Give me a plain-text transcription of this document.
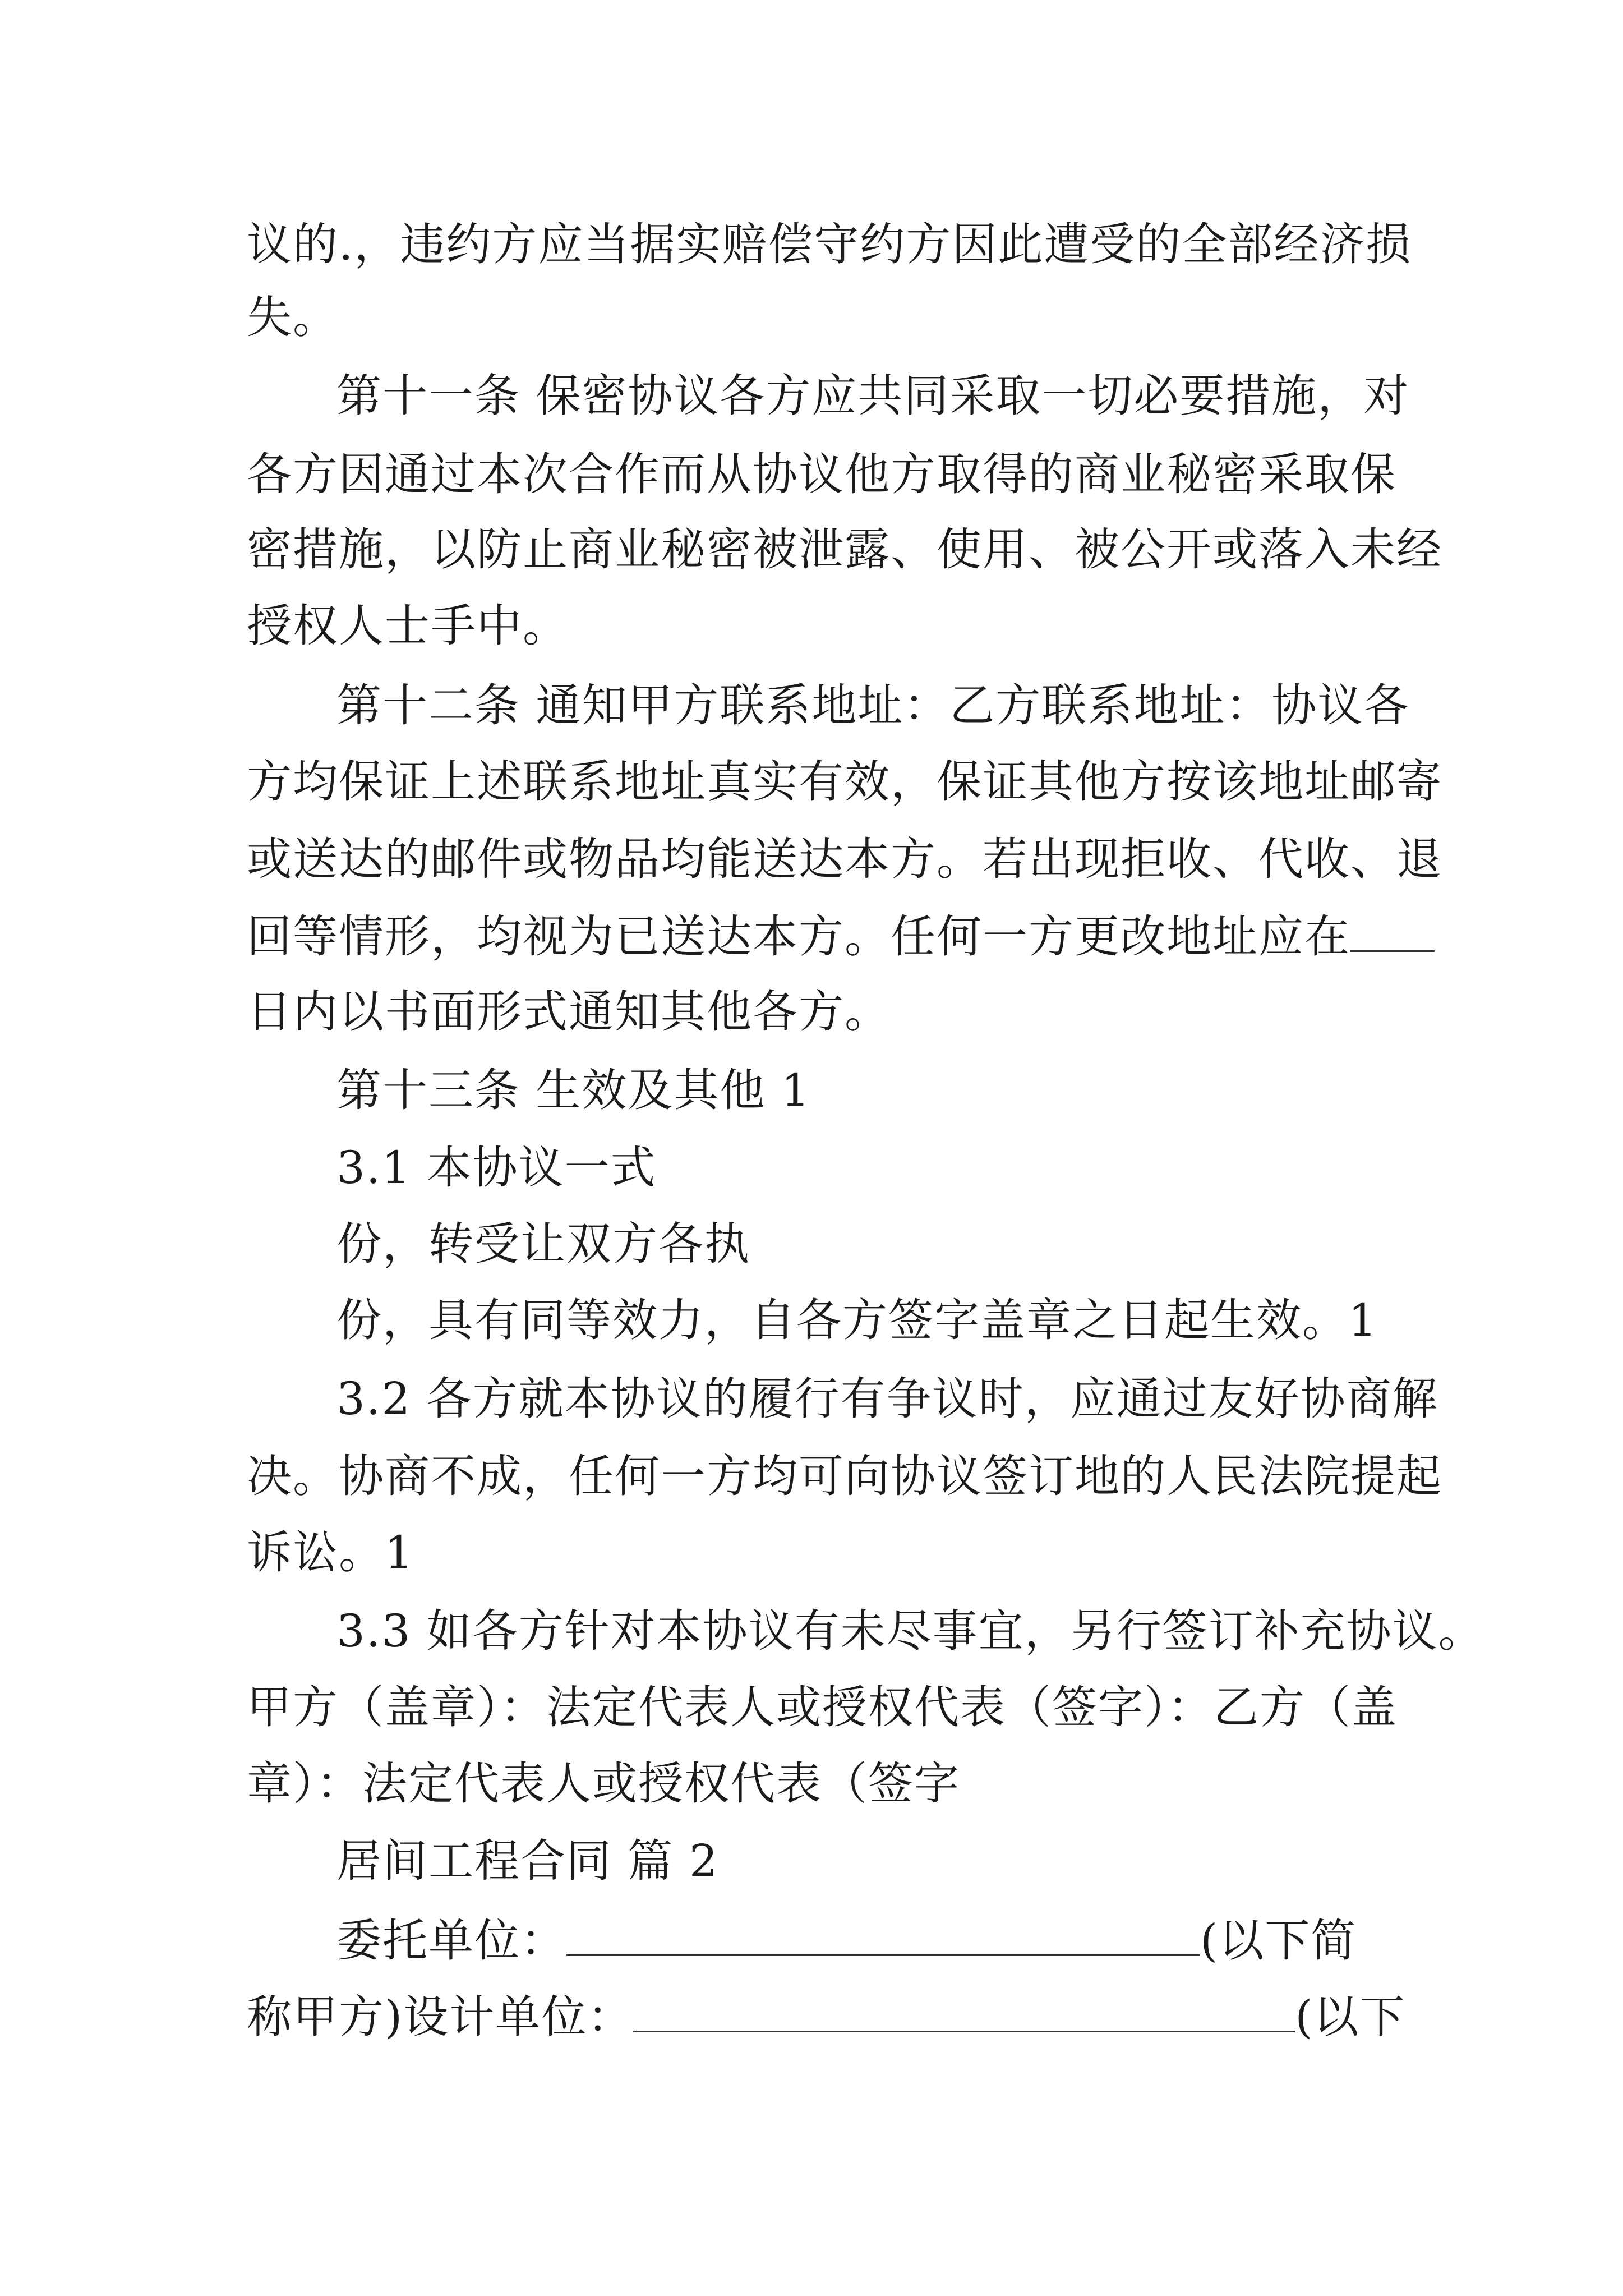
议的.，违约方应当据实赔偿守约方因此遭受的全部经济损
失。
第十一条 保密协议各方应共同采取一切必要措施，对
各方因通过本次合作而从协议他方取得的商业秘密采取保
密措施，以防止商业秘密被泄露、使用、被公开或落入未经
授权人士手中。
第十二条 通知甲方联系地址：乙方联系地址：协议各
方均保证上述联系地址真实有效，保证其他方按该地址邮寄
或送达的邮件或物品均能送达本方。若出现拒收、代收、退
回等情形，均视为已送达本方。任何一方更改地址应在
日内以书面形式通知其他各方。
第十三条 生效及其他 1
3.1 本协议一式
份，转受让双方各执
份，具有同等效力，自各方签字盖章之日起生效。1
3.2 各方就本协议的履行有争议时，应通过友好协商解
决。协商不成，任何一方均可向协议签订地的人民法院提起
诉讼。1
3.3 如各方针对本协议有未尽事宜，另行签订补充协议。
甲方（盖章）：法定代表人或授权代表（签字）：乙方（盖
章）：法定代表人或授权代表（签字
居间工程合同 篇 2
委托单位：	(以下简
称甲方)设计单位：	(以下
